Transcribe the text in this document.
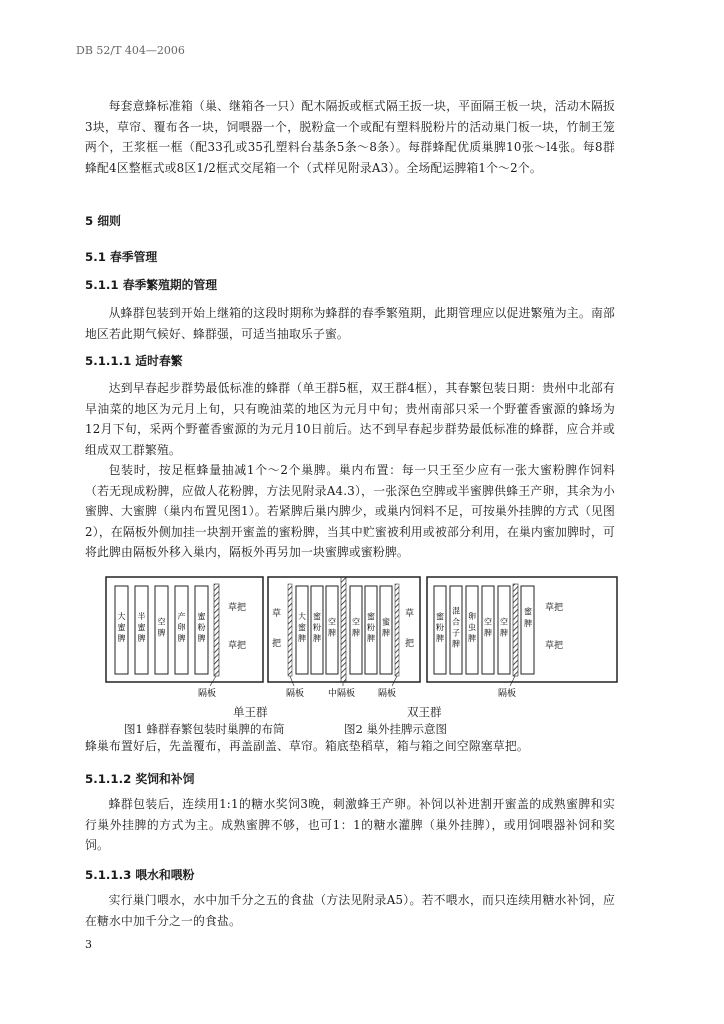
DB 52/T 404—2006

每套意蜂标准箱（巢、继箱各一只）配木隔扳或框式隔王扳一块，平面隔王板一块，活动木隔扳3块，草帘、覆布各一块，饲喂器一个，脱粉盒一个或配有塑料脱粉片的活动巢门板一块，竹制王笼两个，王浆框一框（配33孔或35孔塑料台基条5条～8条）。每群蜂配优质巢脾10张～l4张。每8群蜂配4区整框式或8区1/2框式交尾箱一个（式样见附录A3）。全场配运脾箱1个～2个。

5 细则
5.1 春季管理
5.1.1 春季繁殖期的管理

从蜂群包装到开始上继箱的这段时期称为蜂群的春季繁殖期，此期管理应以促进繁殖为主。南部地区若此期气候好、蜂群强，可适当抽取乐子蜜。

5.1.1.1 适时春繁

达到早春起步群势最低标准的蜂群（单王群5框，双王群4框），其春繁包装日期：贵州中北部有早油菜的地区为元月上旬，只有晚油菜的地区为元月中旬；贵州南部只采一个野藿香蜜源的蜂场为12月下旬，采两个野藿香蜜源的为元月10日前后。达不到早春起步群势最低标准的蜂群，应合并或组成双工群繁殖。

包装时，按足框蜂量抽减1个～2个巢脾。巢内布置：每一只王至少应有一张大蜜粉脾作饲料（若无现成粉脾，应做人花粉脾，方法见附录A4.3），一张深色空脾或半蜜脾供蜂王产卵，其余为小蜜脾、大蜜脾（巢内布置见图1）。若紧脾后巢内脾少，或巢内饲料不足，可按巢外挂脾的方式（见图2），在隔板外侧加挂一块割开蜜盖的蜜粉脾，当其中贮蜜被利用或被部分利用，在巢内蜜加脾时，可将此脾由隔板外移入巢内，隔板外再另加一块蜜脾或蜜粉脾。

大蜜脾
半蜜脾
空脾
产卵脾
蜜粉脾
草把
草把
隔板
草
把
大蜜脾
蜜粉脾
空脾
空脾
蜜粉脾
蜜脾
草
把
隔板	中隔板	隔板
蜜粉脾
混合子脾
卵虫脾
空脾
空脾
蜜
脾
草把
草把
隔板
单王群	双王群
图1 蜂群春繁包装时巢脾的布筒	图2 巢外挂脾示意图

蜂巢布置好后，先盖覆布，再盖副盖、草帘。箱底垫稻草，箱与箱之间空隙塞草把。

5.1.1.2 奖饲和补饲

蜂群包装后，连续用1:1的糖水奖饲3晚，刺激蜂王产卵。补饲以补进割开蜜盖的成熟蜜脾和实行巢外挂脾的方式为主。成熟蜜脾不够，也可1：1的糖水灌脾（巢外挂脾），或用饲喂器补饲和奖饲。

5.1.1.3 喂水和喂粉

实行巢门喂水，水中加千分之五的食盐（方法见附录A5）。若不喂水，而只连续用糖水补饲，应在糖水中加千分之一的食盐。

3
